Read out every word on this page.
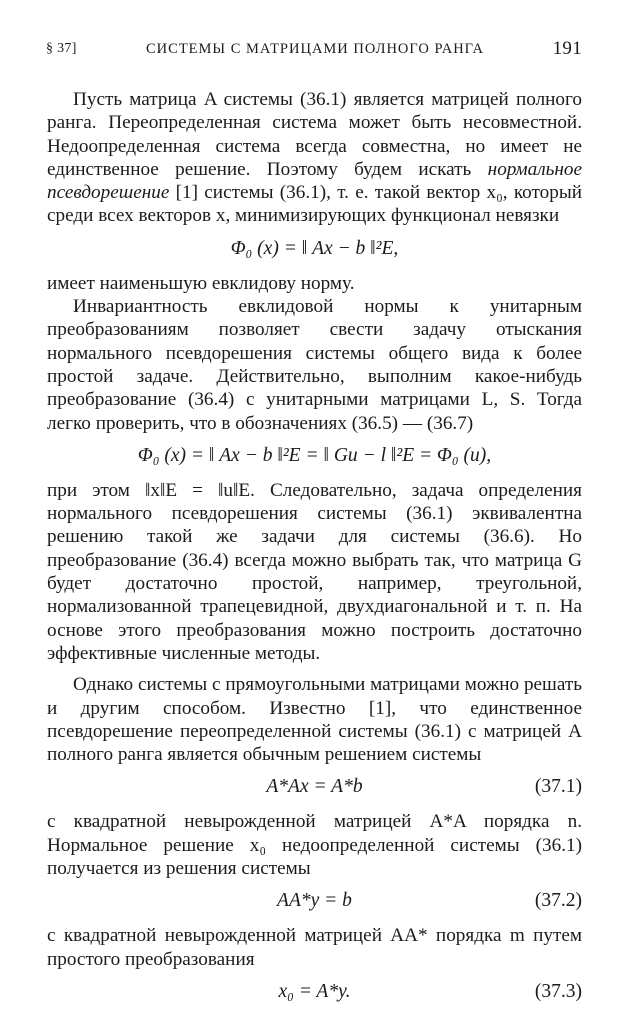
§ 37]	СИСТЕМЫ С МАТРИЦАМИ ПОЛНОГО РАНГА	191

Пусть матрица A системы (36.1) является матрицей полного ранга. Переопределенная система может быть несовместной. Недоопределенная система всегда совместна, но имеет не единственное решение. Поэтому будем искать нормальное псевдорешение [1] системы (36.1), т. е. такой вектор x₀, который среди всех векторов x, минимизирующих функционал невязки

Φ₀ (x) = ‖ Ax − b ‖²E,

имеет наименьшую евклидову норму.

Инвариантность евклидовой нормы к унитарным преобразованиям позволяет свести задачу отыскания нормального псевдорешения системы общего вида к более простой задаче. Действительно, выполним какое-нибудь преобразование (36.4) с унитарными матрицами L, S. Тогда легко проверить, что в обозначениях (36.5) — (36.7)

Φ₀ (x) = ‖ Ax − b ‖²E = ‖ Gu − l ‖²E = Φ₀ (u),

при этом ‖x‖E = ‖u‖E. Следовательно, задача определения нормального псевдорешения системы (36.1) эквивалентна решению такой же задачи для системы (36.6). Но преобразование (36.4) всегда можно выбрать так, что матрица G будет достаточно простой, например, треугольной, нормализованной трапецевидной, двухдиагональной и т. п. На основе этого преобразования можно построить достаточно эффективные численные методы.

Однако системы с прямоугольными матрицами можно решать и другим способом. Известно [1], что единственное псевдорешение переопределенной системы (36.1) с матрицей A полного ранга является обычным решением системы

A*Ax = A*b	(37.1)

с квадратной невырожденной матрицей A*A порядка n. Нормальное решение x₀ недоопределенной системы (36.1) получается из решения системы

AA*y = b	(37.2)

с квадратной невырожденной матрицей AA* порядка m путем простого преобразования

x₀ = A*y.	(37.3)
